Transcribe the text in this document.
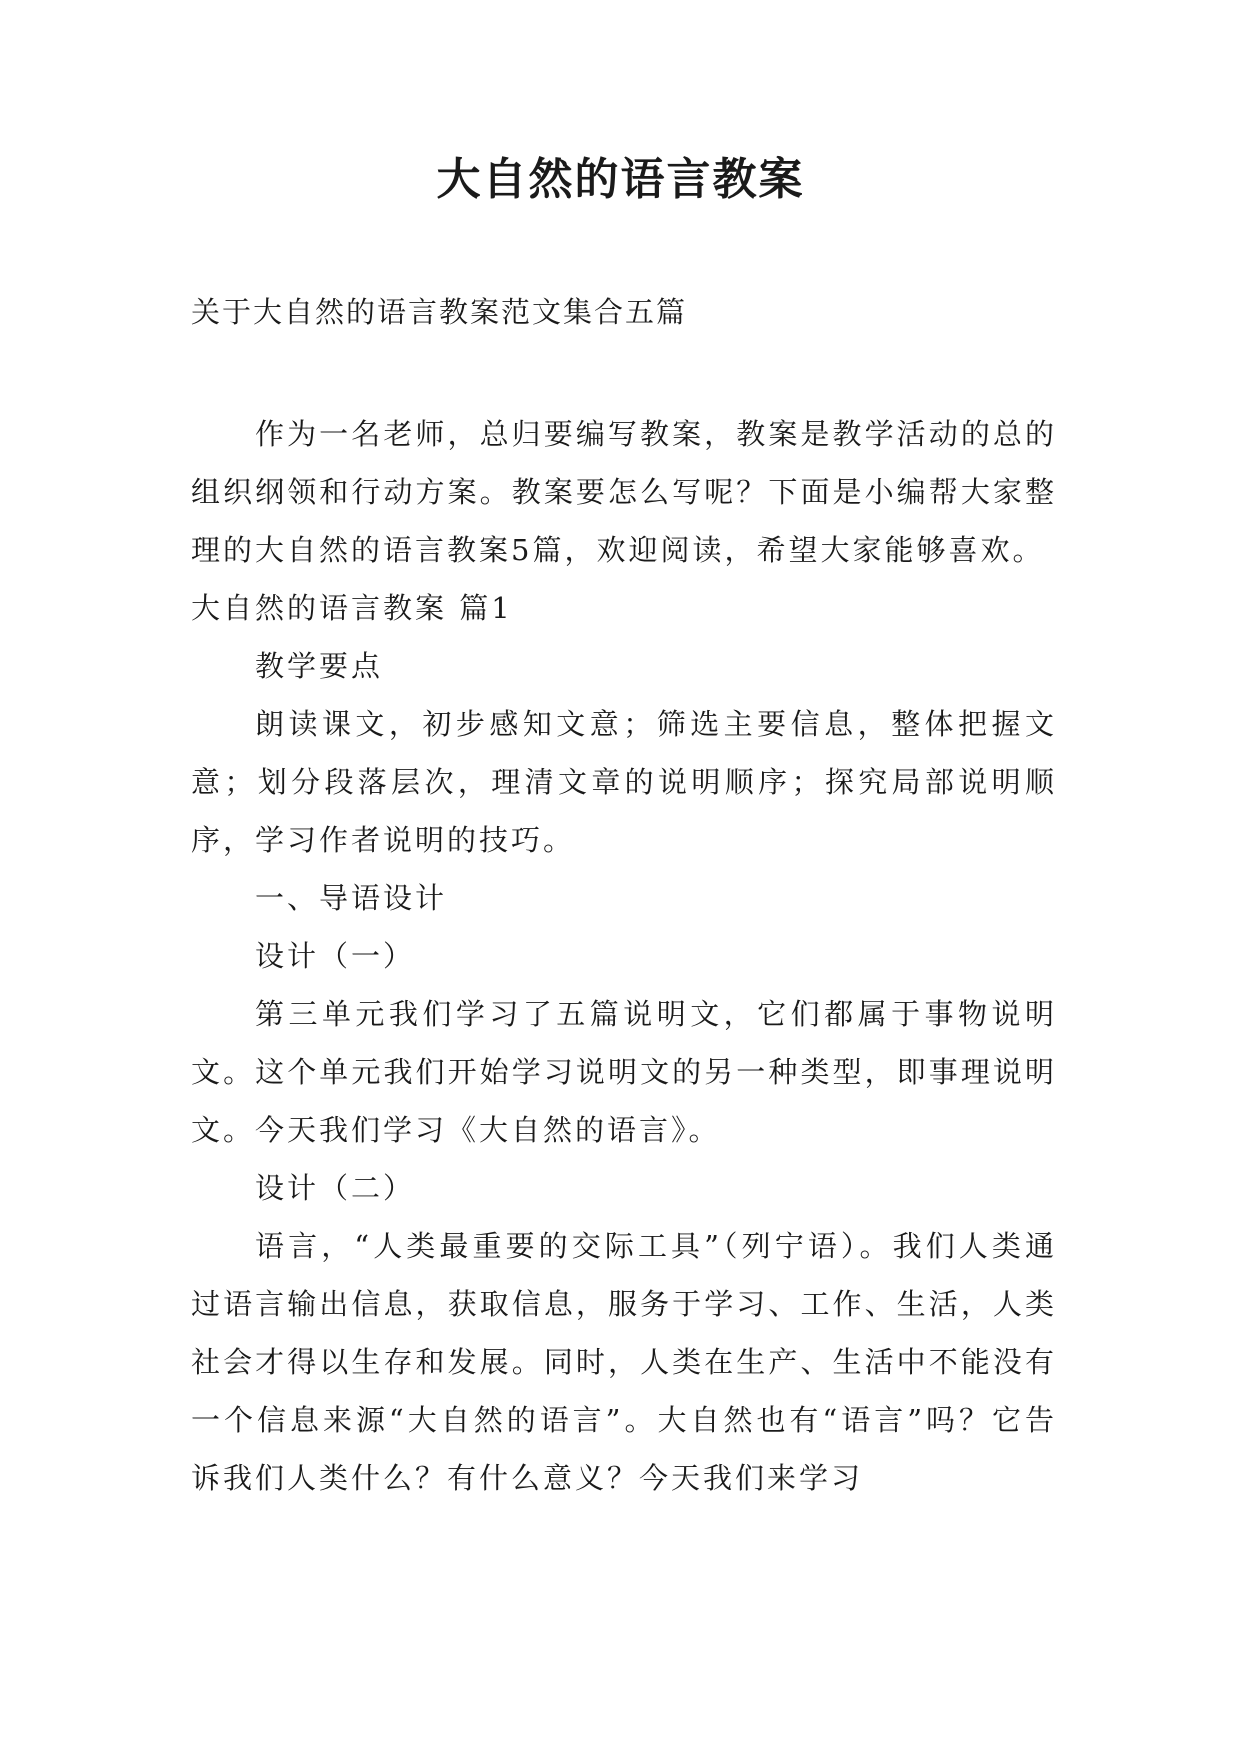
大自然的语言教案
关于大自然的语言教案范文集合五篇

作为一名老师，总归要编写教案，教案是教学活动的总的组织纲领和行动方案。教案要怎么写呢？下面是小编帮大家整理的大自然的语言教案5篇，欢迎阅读，希望大家能够喜欢。

大自然的语言教案 篇1

教学要点

朗读课文，初步感知文意；筛选主要信息，整体把握文意；划分段落层次，理清文章的说明顺序；探究局部说明顺序，学习作者说明的技巧。

一、导语设计

设计（一）

第三单元我们学习了五篇说明文，它们都属于事物说明文。这个单元我们开始学习说明文的另一种类型，即事理说明文。今天我们学习《大自然的语言》。

设计（二）

语言，“人类最重要的交际工具”（列宁语）。我们人类通过语言输出信息，获取信息，服务于学习、工作、生活，人类社会才得以生存和发展。同时，人类在生产、生活中不能没有一个信息来源“大自然的语言”。大自然也有“语言”吗？它告诉我们人类什么？有什么意义？今天我们来学习
